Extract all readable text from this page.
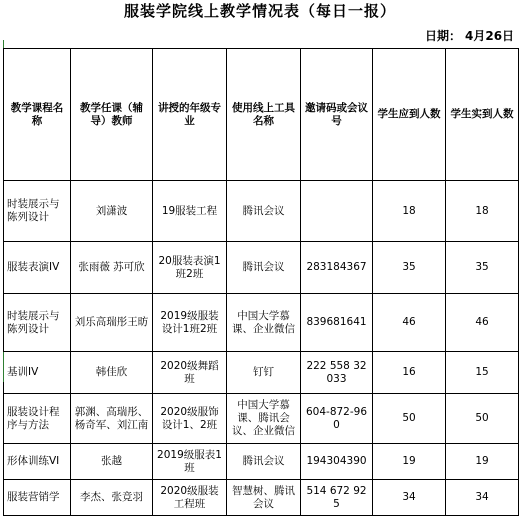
服装学院线上教学情况表（每日一报）
日期： 4月26日
教学课程名称	教学任课（辅导）教师	讲授的年级专业	使用线上工具名称	邀请码或会议号	学生应到人数	学生实到人数
时装展示与陈列设计	刘潇波	19服装工程	腾讯会议		18	18
服装表演IV	张雨薇 苏可欣	20服装表演1班2班	腾讯会议	283184367	35	35
时装展示与陈列设计	刘乐高瑞彤王昉	2019级服装设计1班2班	中国大学慕课、企业微信	839681641	46	46
基训IV	韩佳欣	2020级舞蹈班	钉钉	222 558 32033	16	15
服装设计程序与方法	郭渊、高瑞彤、杨奇军、刘江南	2020级服饰设计1、2班	中国大学慕课、腾讯会议、企业微信	604-872-960	50	50
形体训练VI	张越	2019级服表1班	腾讯会议	194304390	19	19
服装营销学	李杰、张竞羽	2020级服装工程班	智慧树、腾讯会议	514 672 925	34	34
